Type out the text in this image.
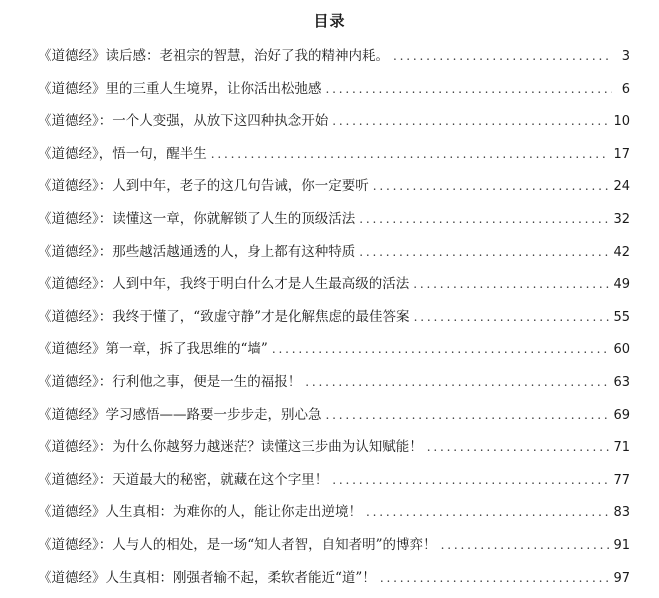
目录
《道德经》读后感：老祖宗的智慧，治好了我的精神内耗。 . . .	3
《道德经》里的三重人生境界，让你活出松弛感 . . .	6
《道德经》：一个人变强，从放下这四种执念开始 . . .	10
《道德经》，悟一句，醒半生 . . .	17
《道德经》：人到中年，老子的这几句告诫，你一定要听 . . .	24
《道德经》：读懂这一章，你就解锁了人生的顶级活法 . . .	32
《道德经》：那些越活越通透的人，身上都有这种特质 . . .	42
《道德经》：人到中年，我终于明白什么才是人生最高级的活法 . . .	49
《道德经》：我终于懂了，“致虚守静”才是化解焦虑的最佳答案 . . .	55
《道德经》第一章，拆了我思维的“墙” . . .	60
《道德经》：行利他之事，便是一生的福报！ . . .	63
《道德经》学习感悟——路要一步步走，别心急 . . .	69
《道德经》：为什么你越努力越迷茫？读懂这三步曲为认知赋能！ . . .	71
《道德经》：天道最大的秘密，就藏在这个字里！ . . .	77
《道德经》人生真相：为难你的人，能让你走出逆境！ . . .	83
《道德经》：人与人的相处，是一场“知人者智，自知者明”的博弈！ . . .	91
《道德经》人生真相：刚强者输不起，柔软者能近“道”！ . . .	97
